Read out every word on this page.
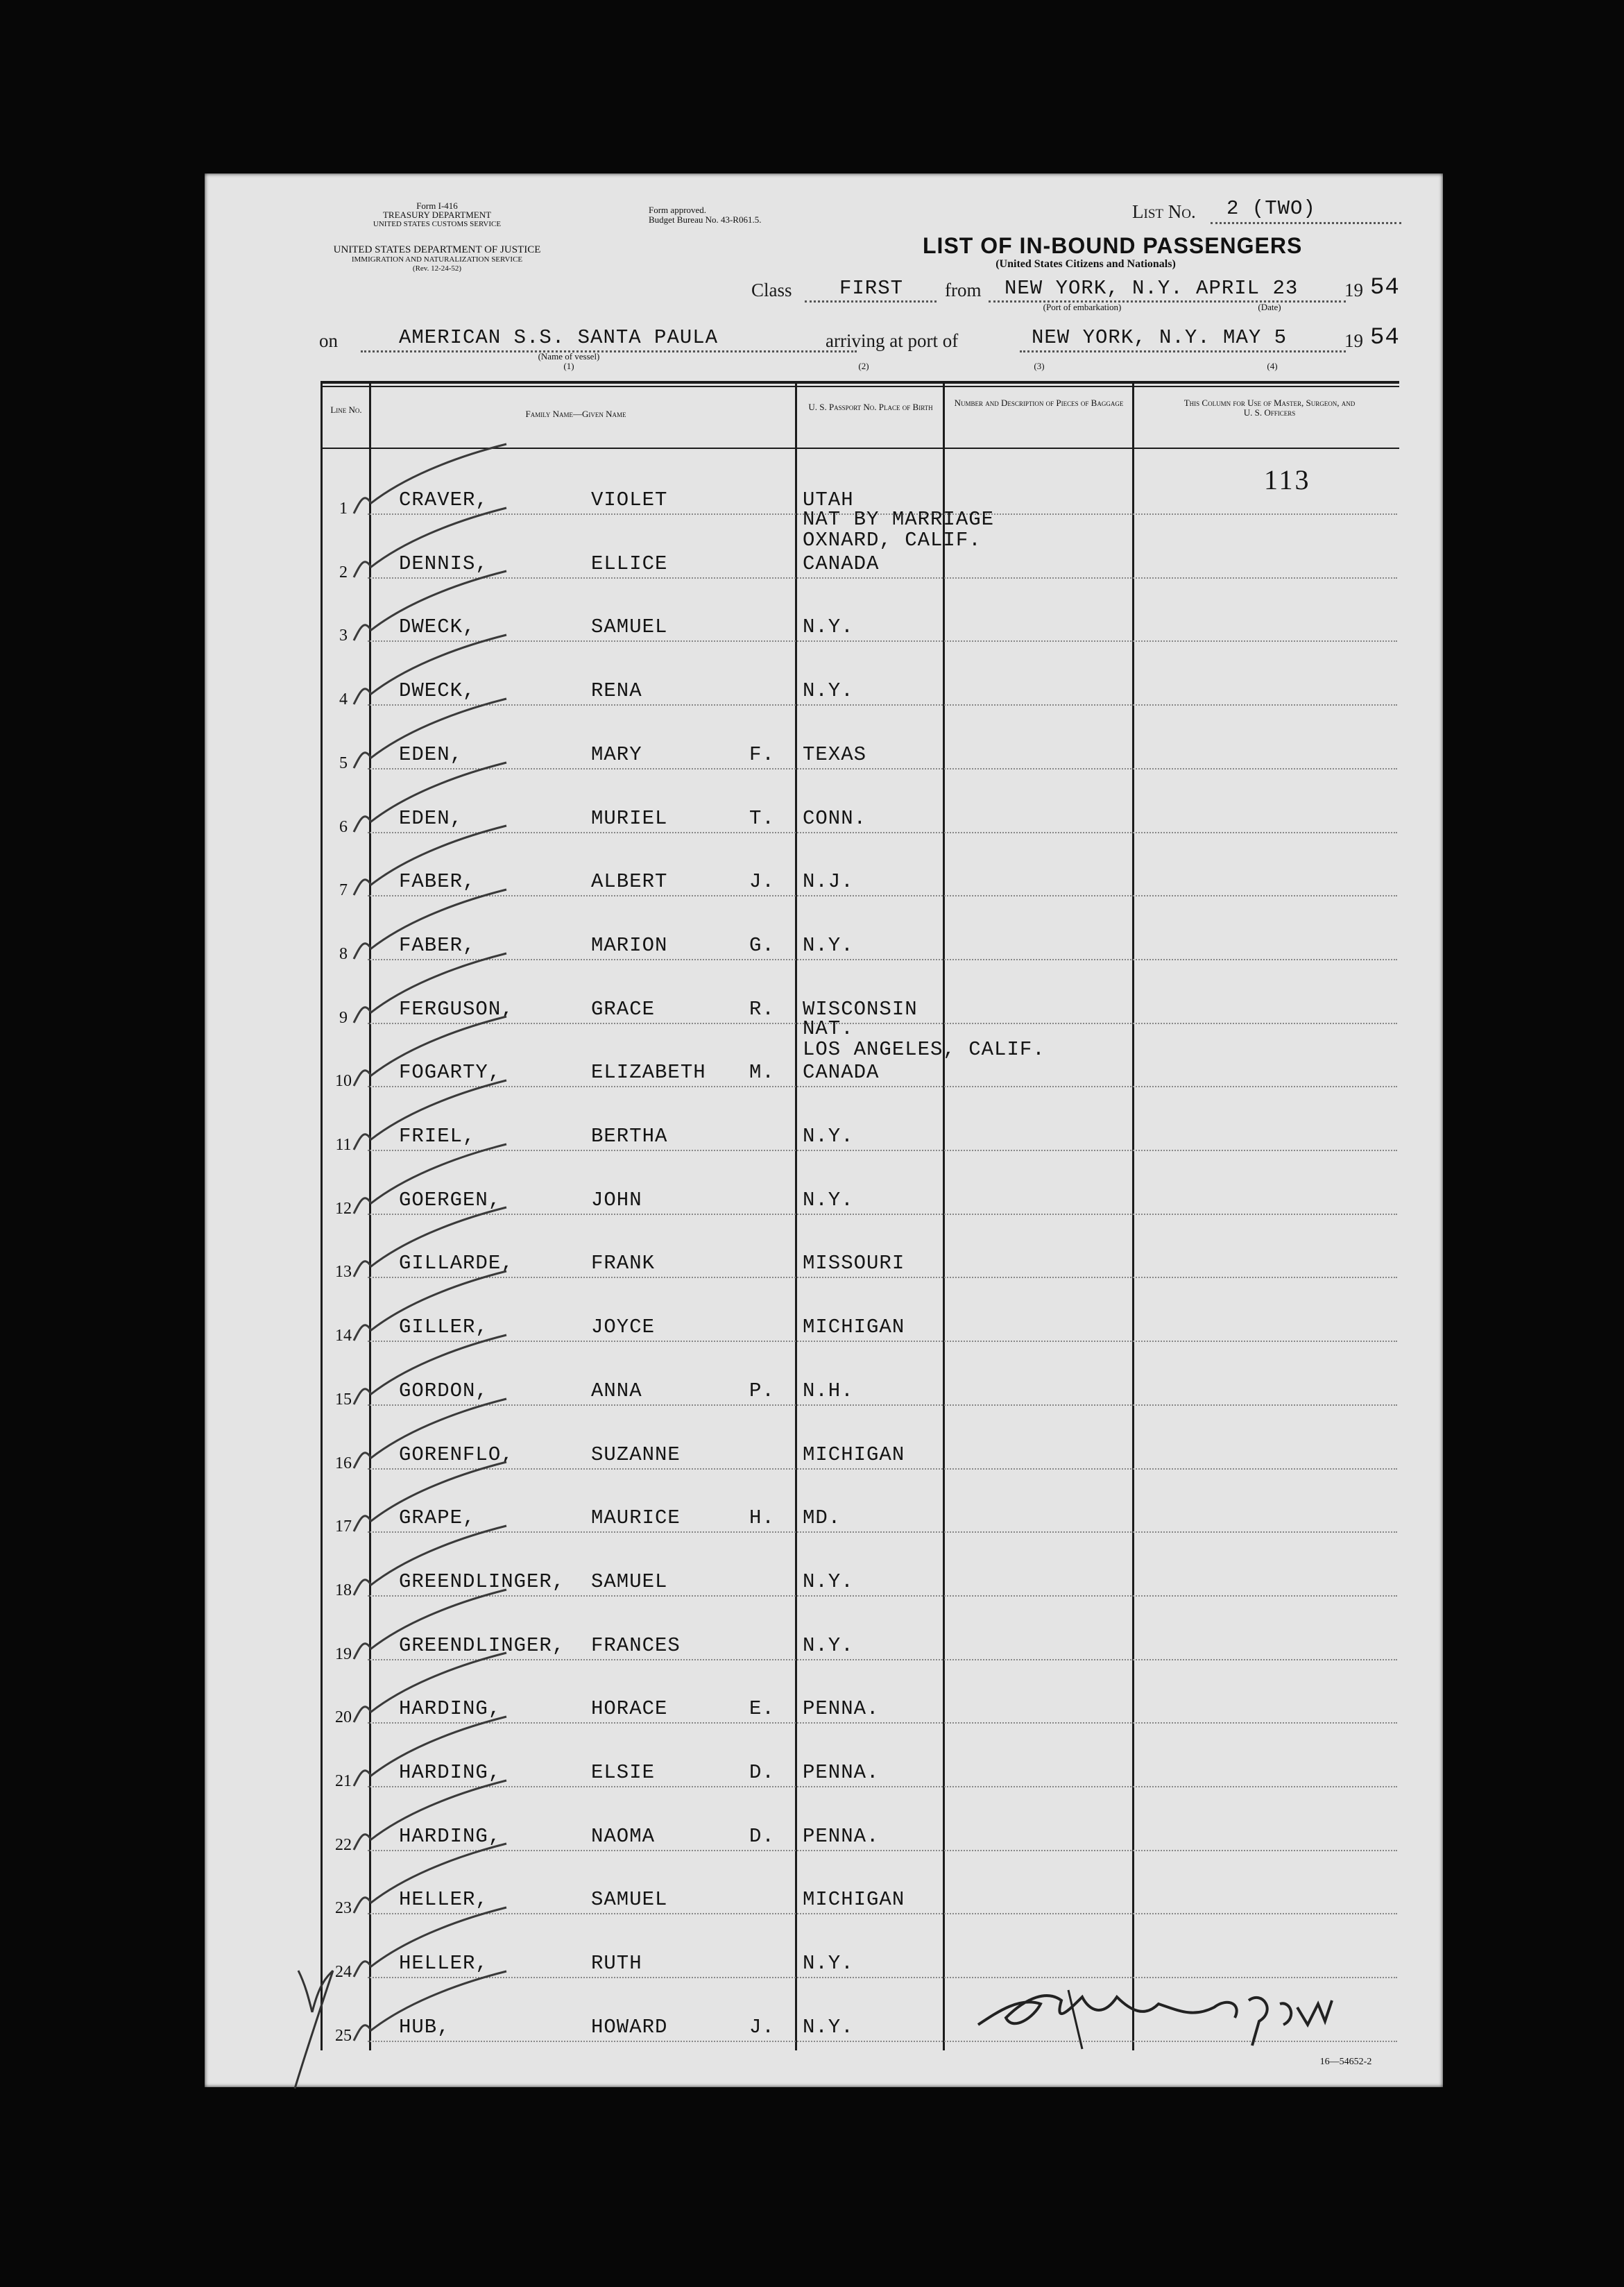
Form I-416
TREASURY DEPARTMENT
UNITED STATES CUSTOMS SERVICE
UNITED STATES DEPARTMENT OF JUSTICE
IMMIGRATION AND NATURALIZATION SERVICE
(Rev. 12-24-52)
Form approved.
Budget Bureau No. 43-R061.5.	List No. 2 (TWO)
LIST OF IN-BOUND PASSENGERS
(United States Citizens and Nationals)
Class FIRST from NEW YORK, N.Y. APRIL 23
(Port of embarkation)	(Date)
19 54
on	AMERICAN S.S. SANTA PAULA
(Name of vessel)
(1)
arriving at port of	NEW YORK, N.Y. MAY 5	19 54
(2)	(3)	(4)
Line No.	Family Name—Given Name
U. S. Passport No. Place of Birth	Number and Description of Pieces of Baggage	This Column for Use of Master, Surgeon, and U. S. Officers
113
1	CRAVER,	VIOLET	UTAH
NAT BY MARRIAGE
OXNARD, CALIF.
2	DENNIS,	ELLICE	CANADA
3	DWECK,	SAMUEL	N.Y.
4	DWECK,	RENA	N.Y.
5	EDEN,	MARY	F. TEXAS
6	EDEN,	MURIEL	T. CONN.
7	FABER,	ALBERT	J. N.J.
8	FABER,	MARION	G. N.Y.
9	FERGUSON,	GRACE	R. WISCONSIN
NAT.
LOS ANGELES, CALIF.
10	FOGARTY,	ELIZABETH M. CANADA
11	FRIEL,	BERTHA	N.Y.
12	GOERGEN,	JOHN	N.Y.
13	GILLARDE,	FRANK	MISSOURI
14	GILLER,	JOYCE	MICHIGAN
15	GORDON,	ANNA	P. N.H.
16	GORENFLO,	SUZANNE	MICHIGAN
17	GRAPE,	MAURICE	H. MD.
18	GREENDLINGER, SAMUEL	N.Y.
19	GREENDLINGER, FRANCES	N.Y.
20	HARDING,	HORACE	E. PENNA.
21	HARDING,	ELSIE	D. PENNA.
22	HARDING,	NAOMA	D. PENNA.
23	HELLER,	SAMUEL	MICHIGAN
24	HELLER,	RUTH	N.Y.
25	HUB,	HOWARD	J. N.Y.
16—54652-2
